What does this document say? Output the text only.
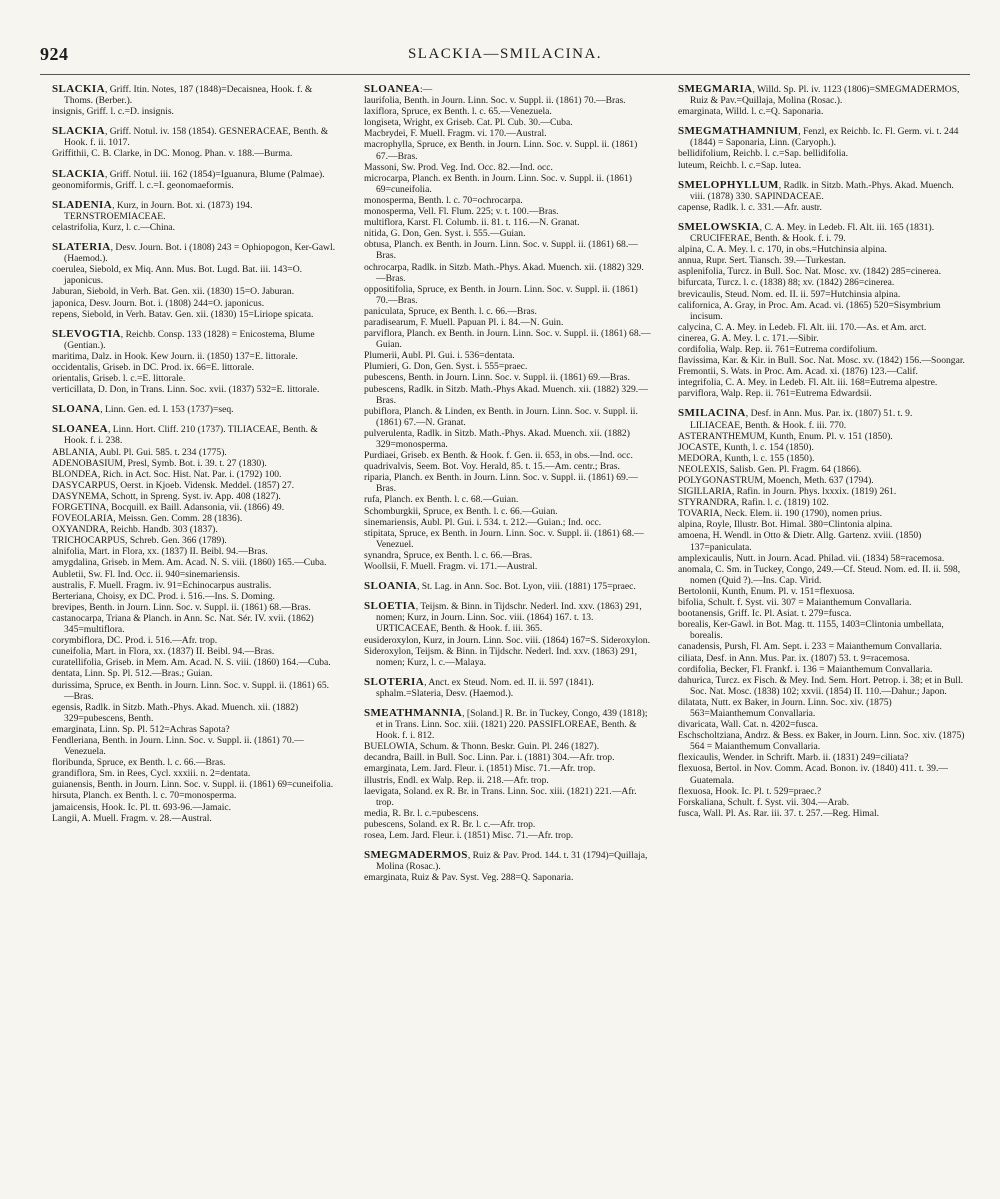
924	SLACKIA—SMILACINA.
SLACKIA, Griff. Itin. Notes, 187 (1848)=Decaisnea, Hook. f. & Thoms. (Berber.).
insignis, Griff. l. c.=D. insignis.
SLACKIA, Griff. Notul. iv. 158 (1854). GESNERACEAE, Benth. & Hook. f. ii. 1017.
Griffithii, C. B. Clarke, in DC. Monog. Phan. v. 188.—Burma.
SLACKIA, Griff. Notul. iii. 162 (1854)=Iguanura, Blume (Palmae).
geonomiformis, Griff. l. c.=I. geonomaeformis.
SLADENIA, Kurz, in Journ. Bot. xi. (1873) 194. TERNSTROEMIACEAE.
celastrifolia, Kurz, l. c.—China.
SLATERIA, Desv. Journ. Bot. i (1808) 243 = Ophiopogon, Ker-Gawl. (Haemod.).
coerulea, Siebold, ex Miq. Ann. Mus. Bot. Lugd. Bat. iii. 143=O. japonicus.
Jaburan, Siebold, in Verh. Bat. Gen. xii. (1830) 15=O. Jaburan.
japonica, Desv. Journ. Bot. i. (1808) 244=O. japonicus.
repens, Siebold, in Verh. Batav. Gen. xii. (1830) 15=Liriope spicata.
SLEVOGTIA, Reichb. Consp. 133 (1828) = Enicostema, Blume (Gentian.).
maritima, Dalz. in Hook. Kew Journ. ii. (1850) 137=E. littorale.
occidentalis, Griseb. in DC. Prod. ix. 66=E. littorale.
orientalis, Griseb. l. c.=E. littorale.
verticillata, D. Don, in Trans. Linn. Soc. xvii. (1837) 532=E. littorale.
SLOANA, Linn. Gen. ed. I. 153 (1737)=seq.
SLOANEA, Linn. Hort. Cliff. 210 (1737). TILIACEAE, Benth. & Hook. f. i. 238.
ABLANIA, Aubl. Pl. Gui. 585. t. 234 (1775).
ADENOBASIUM, Presl, Symb. Bot. i. 39. t. 27 (1830).
BLONDEA, Rich. in Act. Soc. Hist. Nat. Par. i. (1792) 100.
DASYCARPUS, Oerst. in Kjoeb. Vidensk. Meddel. (1857) 27.
DASYNEMA, Schott, in Spreng. Syst. iv. App. 408 (1827).
FORGETINA, Bocquill. ex Baill. Adansonia, vii. (1866) 49.
FOVEOLARIA, Meissn. Gen. Comm. 28 (1836).
OXYANDRA, Reichb. Handb. 303 (1837).
TRICHOCARPUS, Schreb. Gen. 366 (1789).
alnifolia, Mart. in Flora, xx. (1837) II. Beibl. 94.—Bras.
amygdalina, Griseb. in Mem. Am. Acad. N. S. viii. (1860) 165.—Cuba.
Aubletii, Sw. Fl. Ind. Occ. ii. 940=sinemariensis.
australis, F. Muell. Fragm. iv. 91=Echinocarpus australis.
Berteriana, Choisy, ex DC. Prod. i. 516.—Ins. S. Doming.
brevipes, Benth. in Journ. Linn. Soc. v. Suppl. ii. (1861) 68.—Bras.
castanocarpa, Triana & Planch. in Ann. Sc. Nat. Sér. IV. xvii. (1862) 345=multiflora.
corymbiflora, DC. Prod. i. 516.—Afr. trop.
cuneifolia, Mart. in Flora, xx. (1837) II. Beibl. 94.—Bras.
curatellifolia, Griseb. in Mem. Am. Acad. N. S. viii. (1860) 164.—Cuba.
dentata, Linn. Sp. Pl. 512.—Bras.; Guian.
durissima, Spruce, ex Benth. in Journ. Linn. Soc. v. Suppl. ii. (1861) 65.—Bras.
egensis, Radlk. in Sitzb. Math.-Phys. Akad. Muench. xii. (1882) 329=pubescens, Benth.
emarginata, Linn. Sp. Pl. 512=Achras Sapota?
Fendleriana, Benth. in Journ. Linn. Soc. v. Suppl. ii. (1861) 70.—Venezuela.
floribunda, Spruce, ex Benth. l. c. 66.—Bras.
grandiflora, Sm. in Rees, Cycl. xxxiii. n. 2=dentata.
guianensis, Benth. in Journ. Linn. Soc. v. Suppl. ii. (1861) 69=cuneifolia.
hirsuta, Planch. ex Benth. l. c. 70=monosperma.
jamaicensis, Hook. Ic. Pl. tt. 693-96.—Jamaic.
Langii, A. Muell. Fragm. v. 28.—Austral.
SLOANEA:—
laurifolia, Benth. in Journ. Linn. Soc. v. Suppl. ii. (1861) 70.—Bras.
laxiflora, Spruce, ex Benth. l. c. 65.—Venezuela.
longiseta, Wright, ex Griseb. Cat. Pl. Cub. 30.—Cuba.
Macbrydei, F. Muell. Fragm. vi. 170.—Austral.
macrophylla, Spruce, ex Benth. in Journ. Linn. Soc. v. Suppl. ii. (1861) 67.—Bras.
Massoni, Sw. Prod. Veg. Ind. Occ. 82.—Ind. occ.
microcarpa, Planch. ex Benth. in Journ. Linn. Soc. v. Suppl. ii. (1861) 69=cuneifolia.
monosperma, Benth. l. c. 70=ochrocarpa.
monosperma, Vell. Fl. Flum. 225; v. t. 100.—Bras.
multiflora, Karst. Fl. Columb. ii. 81. t. 116.—N. Granat.
nitida, G. Don, Gen. Syst. i. 555.—Guian.
obtusa, Planch. ex Benth. in Journ. Linn. Soc. v. Suppl. ii. (1861) 68.—Bras.
ochrocarpa, Radlk. in Sitzb. Math.-Phys. Akad. Muench. xii. (1882) 329.—Bras.
oppositifolia, Spruce, ex Benth. in Journ. Linn. Soc. v. Suppl. ii. (1861) 70.—Bras.
paniculata, Spruce, ex Benth. l. c. 66.—Bras.
paradisearum, F. Muell. Papuan Pl. i. 84.—N. Guin.
parviflora, Planch. ex Benth. in Journ. Linn. Soc. v. Suppl. ii. (1861) 68.—Guian.
Plumerii, Aubl. Pl. Gui. i. 536=dentata.
Plumieri, G. Don, Gen. Syst. i. 555=praec.
pubescens, Benth. in Journ. Linn. Soc. v. Suppl. ii. (1861) 69.—Bras.
pubescens, Radlk. in Sitzb. Math.-Phys Akad. Muench. xii. (1882) 329.—Bras.
pubiflora, Planch. & Linden, ex Benth. in Journ. Linn. Soc. v. Suppl. ii. (1861) 67.—N. Granat.
pulverulenta, Radlk. in Sitzb. Math.-Phys. Akad. Muench. xii. (1882) 329=monosperma.
Purdiaei, Griseb. ex Benth. & Hook. f. Gen. ii. 653, in obs.—Ind. occ.
quadrivalvis, Seem. Bot. Voy. Herald, 85. t. 15.—Am. centr.; Bras.
riparia, Planch. ex Benth. in Journ. Linn. Soc. v. Suppl. ii. (1861) 69.—Bras.
rufa, Planch. ex Benth. l. c. 68.—Guian.
Schomburgkii, Spruce, ex Benth. l. c. 66.—Guian.
sinemariensis, Aubl. Pl. Gui. i. 534. t. 212.—Guian.; Ind. occ.
stipitata, Spruce, ex Benth. in Journ. Linn. Soc. v. Suppl. ii. (1861) 68.—Venezuel.
synandra, Spruce, ex Benth. l. c. 66.—Bras.
Woollsii, F. Muell. Fragm. vi. 171.—Austral.
SLOANIA, St. Lag. in Ann. Soc. Bot. Lyon, viii. (1881) 175=praec.
SLOETIA, Teijsm. & Binn. in Tijdschr. Nederl. Ind. xxv. (1863) 291, nomen; Kurz, in Journ. Linn. Soc. viii. (1864) 167. t. 13. URTICACEAE, Benth. & Hook. f. iii. 365.
eusideroxylon, Kurz, in Journ. Linn. Soc. viii. (1864) 167=S. Sideroxylon.
Sideroxylon, Teijsm. & Binn. in Tijdschr. Nederl. Ind. xxv. (1863) 291, nomen; Kurz, l. c.—Malaya.
SLOTERIA, Anct. ex Steud. Nom. ed. II. ii. 597 (1841). sphalm.=Slateria, Desv. (Haemod.).
SMEATHMANNIA, [Soland.] R. Br. in Tuckey, Congo, 439 (1818); et in Trans. Linn. Soc. xiii. (1821) 220. PASSIFLOREAE, Benth. & Hook. f. i. 812.
BUELOWIA, Schum. & Thonn. Beskr. Guin. Pl. 246 (1827).
decandra, Baill. in Bull. Soc. Linn. Par. i. (1881) 304.—Afr. trop.
emarginata, Lem. Jard. Fleur. i. (1851) Misc. 71.—Afr. trop.
illustris, Endl. ex Walp. Rep. ii. 218.—Afr. trop.
laevigata, Soland. ex R. Br. in Trans. Linn. Soc. xiii. (1821) 221.—Afr. trop.
media, R. Br. l. c.=pubescens.
pubescens, Soland. ex R. Br. l. c.—Afr. trop.
rosea, Lem. Jard. Fleur. i. (1851) Misc. 71.—Afr. trop.
SMEGMADERMOS, Ruiz & Pav. Prod. 144. t. 31 (1794)=Quillaja, Molina (Rosac.).
emarginata, Ruiz & Pav. Syst. Veg. 288=Q. Saponaria.
SMEGMARIA, Willd. Sp. Pl. iv. 1123 (1806)=SMEGMADERMOS, Ruiz & Pav.=Quillaja, Molina (Rosac.).
emarginata, Willd. l. c.=Q. Saponaria.
SMEGMATHAMNIUM, Fenzl, ex Reichb. Ic. Fl. Germ. vi. t. 244 (1844) = Saponaria, Linn. (Caryoph.).
bellidifolium, Reichb. l. c.=Sap. bellidifolia.
luteum, Reichb. l. c.=Sap. lutea.
SMELOPHYLLUM, Radlk. in Sitzb. Math.-Phys. Akad. Muench. viii. (1878) 330. SAPINDACEAE.
capense, Radlk. l. c. 331.—Afr. austr.
SMELOWSKIA, C. A. Mey. in Ledeb. Fl. Alt. iii. 165 (1831). CRUCIFERAE, Benth. & Hook. f. i. 79.
alpina, C. A. Mey. l. c. 170, in obs.=Hutchinsia alpina.
annua, Rupr. Sert. Tiansch. 39.—Turkestan.
asplenifolia, Turcz. in Bull. Soc. Nat. Mosc. xv. (1842) 285=cinerea.
bifurcata, Turcz. l. c. (1838) 88; xv. (1842) 286=cinerea.
brevicaulis, Steud. Nom. ed. II. ii. 597=Hutchinsia alpina.
californica, A. Gray, in Proc. Am. Acad. vi. (1865) 520=Sisymbrium incisum.
calycina, C. A. Mey. in Ledeb. Fl. Alt. iii. 170.—As. et Am. arct.
cinerea, G. A. Mey. l. c. 171.—Sibir.
cordifolia, Walp. Rep. ii. 761=Eutrema cordifolium.
flavissima, Kar. & Kir. in Bull. Soc. Nat. Mosc. xv. (1842) 156.—Soongar.
Fremontii, S. Wats. in Proc. Am. Acad. xi. (1876) 123.—Calif.
integrifolia, C. A. Mey. in Ledeb. Fl. Alt. iii. 168=Eutrema alpestre.
parviflora, Walp. Rep. ii. 761=Eutrema Edwardsii.
SMILACINA, Desf. in Ann. Mus. Par. ix. (1807) 51. t. 9. LILIACEAE, Benth. & Hook. f. iii. 770.
ASTERANTHEMUM, Kunth, Enum. Pl. v. 151 (1850).
JOCASTE, Kunth, l. c. 154 (1850).
MEDORA, Kunth, l. c. 155 (1850).
NEOLEXIS, Salisb. Gen. Pl. Fragm. 64 (1866).
POLYGONASTRUM, Moench, Meth. 637 (1794).
SIGILLARIA, Rafin. in Journ. Phys. lxxxix. (1819) 261.
STYRANDRA, Rafin. l. c. (1819) 102.
TOVARIA, Neck. Elem. ii. 190 (1790), nomen prius.
alpina, Royle, Illustr. Bot. Himal. 380=Clintonia alpina.
amoena, H. Wendl. in Otto & Dietr. Allg. Gartenz. xviii. (1850) 137=paniculata.
amplexicaulis, Nutt. in Journ. Acad. Philad. vii. (1834) 58=racemosa.
anomala, C. Sm. in Tuckey, Congo, 249.—Cf. Steud. Nom. ed. II. ii. 598, nomen (Quid ?).—Ins. Cap. Virid.
Bertolonii, Kunth, Enum. Pl. v. 151=flexuosa.
bifolia, Schult. f. Syst. vii. 307 = Maianthemum Convallaria.
bootanensis, Griff. Ic. Pl. Asiat. t. 279=fusca.
borealis, Ker-Gawl. in Bot. Mag. tt. 1155, 1403=Clintonia umbellata, borealis.
canadensis, Pursh, Fl. Am. Sept. i. 233 = Maianthemum Convallaria.
ciliata, Desf. in Ann. Mus. Par. ix. (1807) 53. t. 9=racemosa.
cordifolia, Becker, Fl. Frankf. i. 136 = Maianthemum Convallaria.
dahurica, Turcz. ex Fisch. & Mey. Ind. Sem. Hort. Petrop. i. 38; et in Bull. Soc. Nat. Mosc. (1838) 102; xxvii. (1854) II. 110.—Dahur.; Japon.
dilatata, Nutt. ex Baker, in Journ. Linn. Soc. xiv. (1875) 563=Maianthemum Convallaria.
divaricata, Wall. Cat. n. 4202=fusca.
Eschscholtziana, Andrz. & Bess. ex Baker, in Journ. Linn. Soc. xiv. (1875) 564 = Maianthemum Convallaria.
flexicaulis, Wender. in Schrift. Marb. ii. (1831) 249=ciliata?
flexuosa, Bertol. in Nov. Comm. Acad. Bonon. iv. (1840) 411. t. 39.—Guatemala.
flexuosa, Hook. Ic. Pl. t. 529=praec.?
Forskaliana, Schult. f. Syst. vii. 304.—Arab.
fusca, Wall. Pl. As. Rar. iii. 37. t. 257.—Reg. Himal.
